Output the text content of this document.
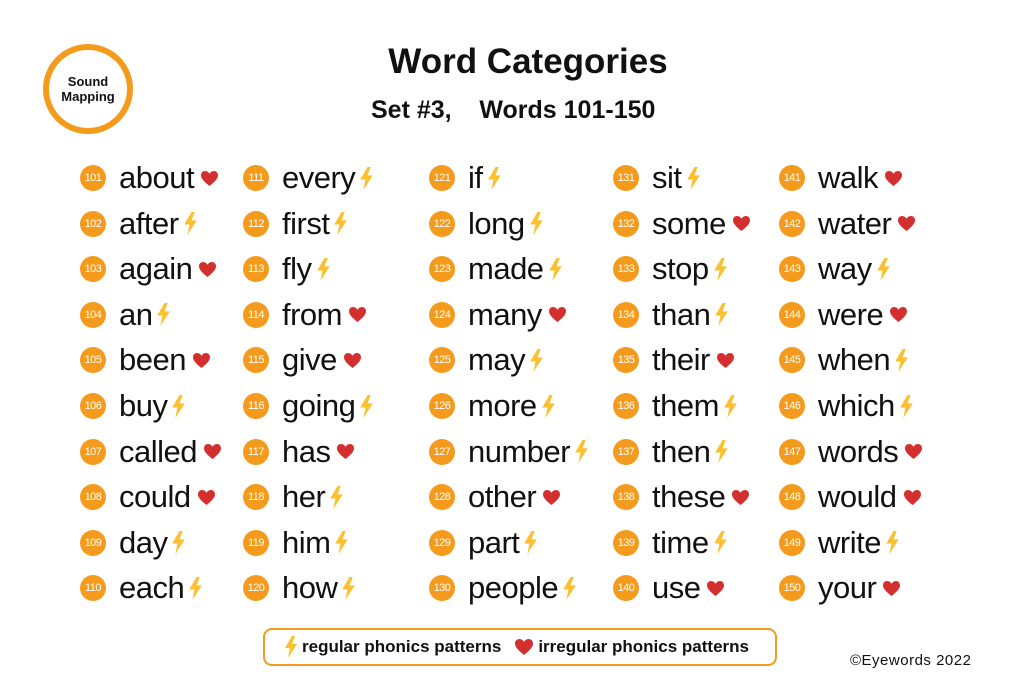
Sound
Mapping
Word Categories
Set #3,    Words 101-150
101 about
102 after
103 again
104 an
105 been
106 buy
107 called
108 could
109 day
110 each
111 every
112 first
113 fly
114 from
115 give
116 going
117 has
118 her
119 him
120 how
121 if
122 long
123 made
124 many
125 may
126 more
127 number
128 other
129 part
130 people
131 sit
132 some
133 stop
134 than
135 their
136 them
137 then
138 these
139 time
140 use
141 walk
142 water
143 way
144 were
145 when
146 which
147 words
148 would
149 write
150 your
regular phonics patterns irregular phonics patterns
©Eyewords 2022
